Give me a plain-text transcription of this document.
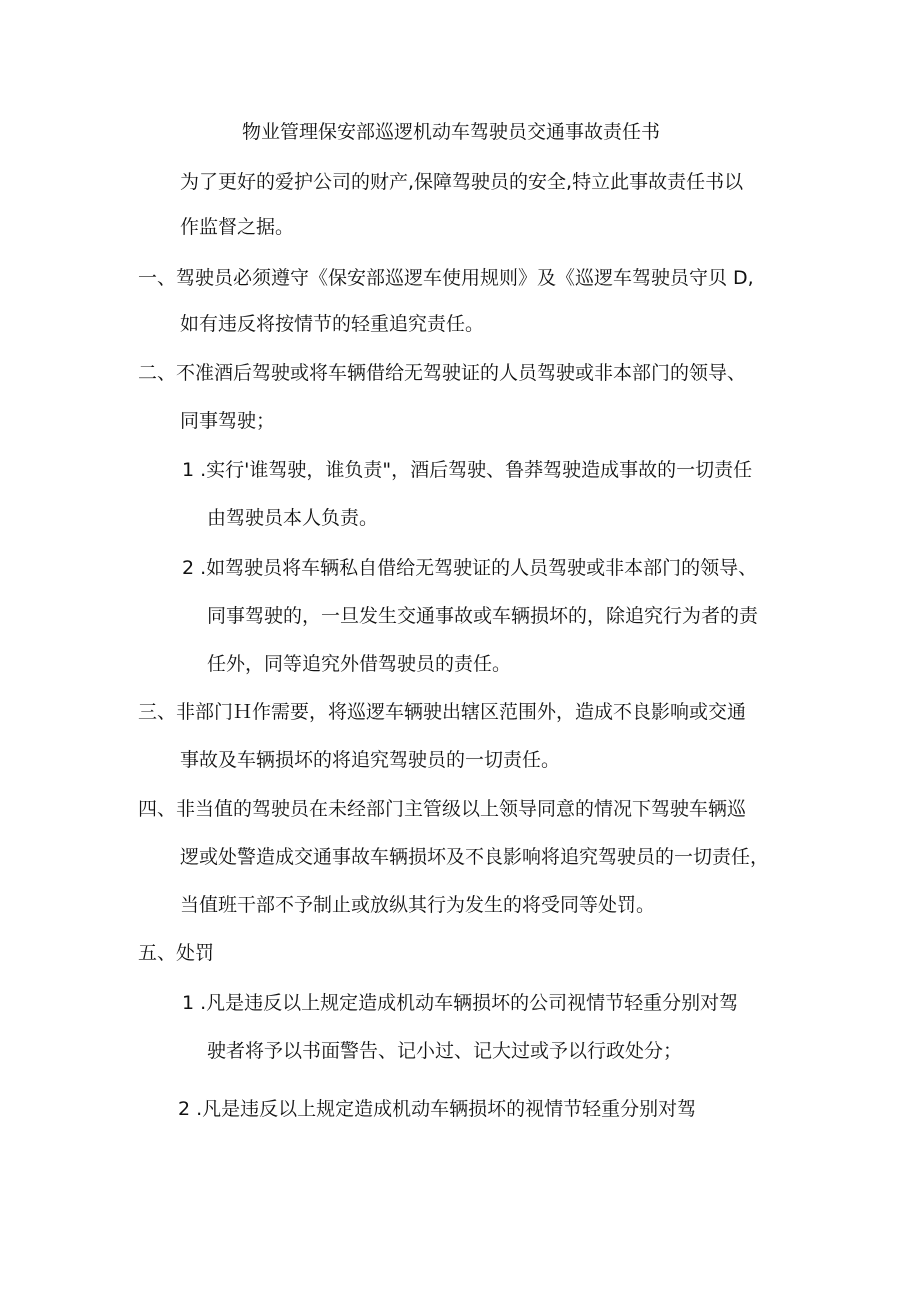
物业管理保安部巡逻机动车驾驶员交通事故责任书
为了更好的爱护公司的财产,保障驾驶员的安全,特立此事故责任书以
作监督之据。
一、驾驶员必须遵守《保安部巡逻车使用规则》及《巡逻车驾驶员守贝 D,
如有违反将按情节的轻重追究责任。
二、不准酒后驾驶或将车辆借给无驾驶证的人员驾驶或非本部门的领导、
同事驾驶；
1 .实行'谁驾驶，谁负责"，酒后驾驶、鲁莽驾驶造成事故的一切责任
由驾驶员本人负责。
2 .如驾驶员将车辆私自借给无驾驶证的人员驾驶或非本部门的领导、
同事驾驶的，一旦发生交通事故或车辆损坏的，除追究行为者的责
任外，同等追究外借驾驶员的责任。
三、非部门Ｈ作需要，将巡逻车辆驶出辖区范围外，造成不良影响或交通
事故及车辆损坏的将追究驾驶员的一切责任。
四、非当值的驾驶员在未经部门主管级以上领导同意的情况下驾驶车辆巡
逻或处警造成交通事故车辆损坏及不良影响将追究驾驶员的一切责任，
当值班干部不予制止或放纵其行为发生的将受同等处罚。
五、处罚
1 .凡是违反以上规定造成机动车辆损坏的公司视情节轻重分别对驾
驶者将予以书面警告、记小过、记大过或予以行政处分；
2 .凡是违反以上规定造成机动车辆损坏的视情节轻重分别对驾
